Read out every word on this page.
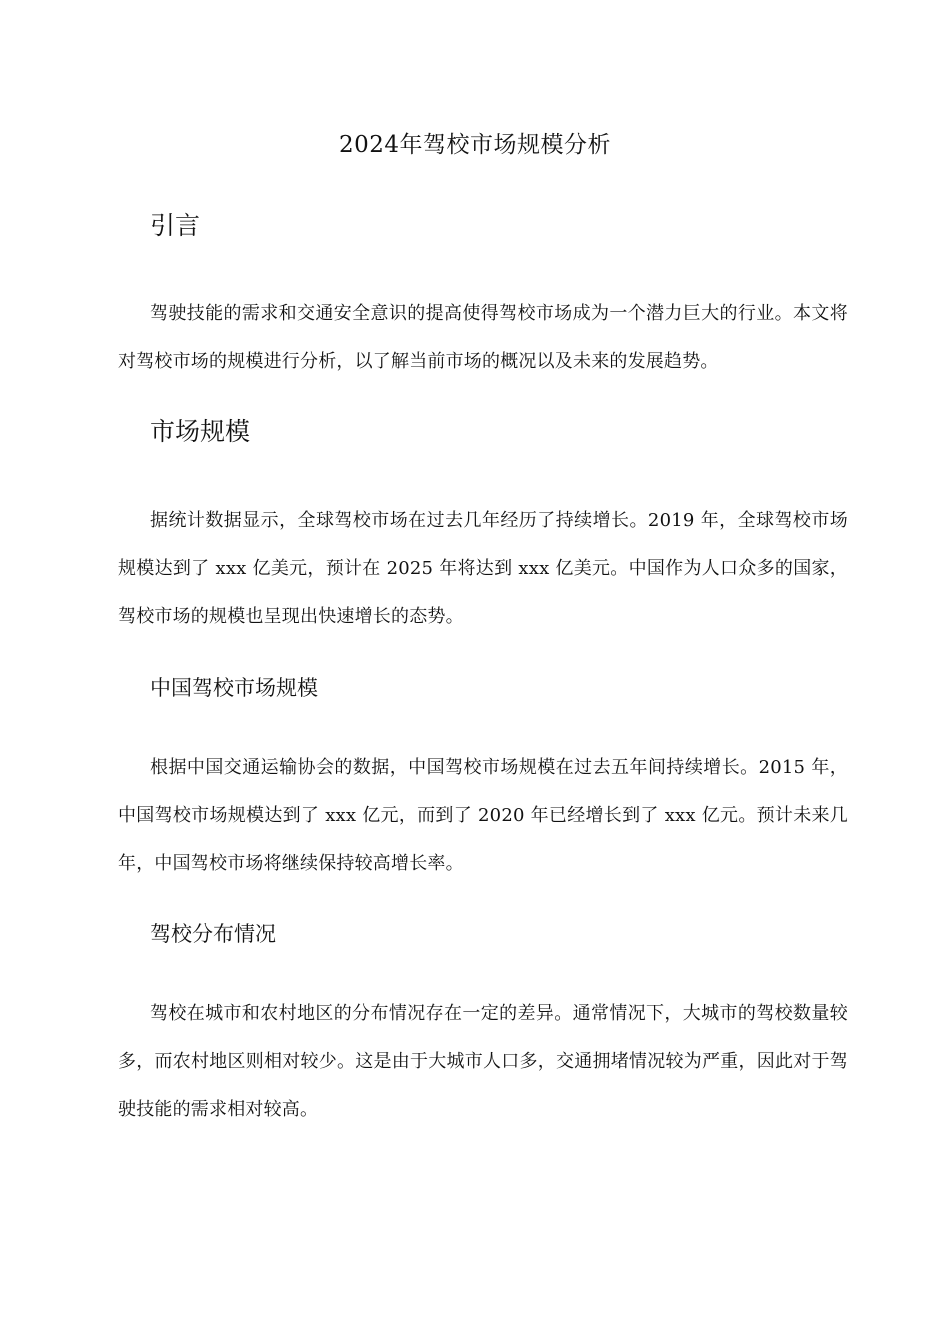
2024年驾校市场规模分析
引言
驾驶技能的需求和交通安全意识的提高使得驾校市场成为一个潜力巨大的行业。本文将对驾校市场的规模进行分析，以了解当前市场的概况以及未来的发展趋势。
市场规模
据统计数据显示，全球驾校市场在过去几年经历了持续增长。2019 年，全球驾校市场规模达到了 xxx 亿美元，预计在 2025 年将达到 xxx 亿美元。中国作为人口众多的国家，驾校市场的规模也呈现出快速增长的态势。
中国驾校市场规模
根据中国交通运输协会的数据，中国驾校市场规模在过去五年间持续增长。2015 年，中国驾校市场规模达到了 xxx 亿元，而到了 2020 年已经增长到了 xxx 亿元。预计未来几年，中国驾校市场将继续保持较高增长率。
驾校分布情况
驾校在城市和农村地区的分布情况存在一定的差异。通常情况下，大城市的驾校数量较多，而农村地区则相对较少。这是由于大城市人口多，交通拥堵情况较为严重，因此对于驾驶技能的需求相对较高。
